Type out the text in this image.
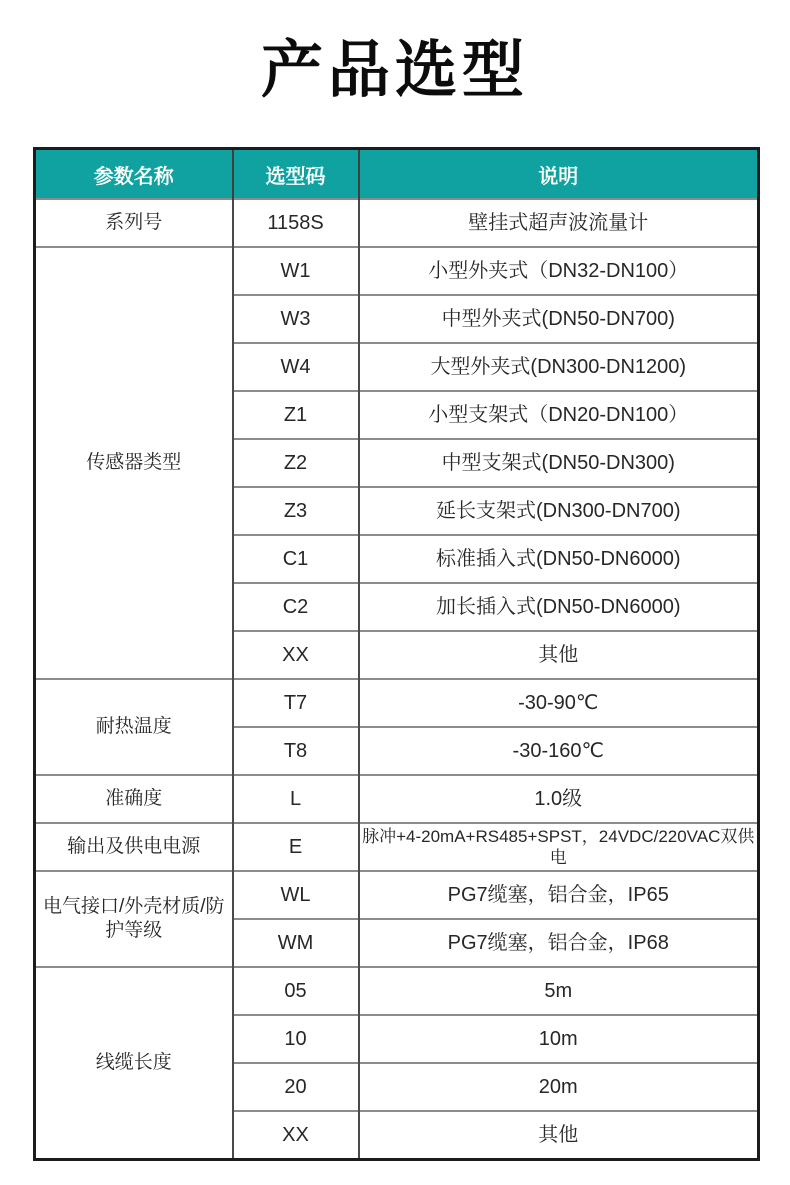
产品选型
参数名称	选型码	说明
系列号	1158S	壁挂式超声波流量计
传感器类型	W1	小型外夹式（DN32-DN100）
	W3	中型外夹式(DN50-DN700)
	W4	大型外夹式(DN300-DN1200)
	Z1	小型支架式（DN20-DN100）
	Z2	中型支架式(DN50-DN300)
	Z3	延长支架式(DN300-DN700)
	C1	标准插入式(DN50-DN6000)
	C2	加长插入式(DN50-DN6000)
	XX	其他
耐热温度	T7	-30-90℃
	T8	-30-160℃
准确度	L	1.0级
输出及供电电源	E	脉冲+4-20mA+RS485+SPST，24VDC/220VAC双供电
电气接口/外壳材质/防护等级	WL	PG7缆塞，铝合金，IP65
	WM	PG7缆塞，铝合金，IP68
线缆长度	05	5m
	10	10m
	20	20m
	XX	其他
